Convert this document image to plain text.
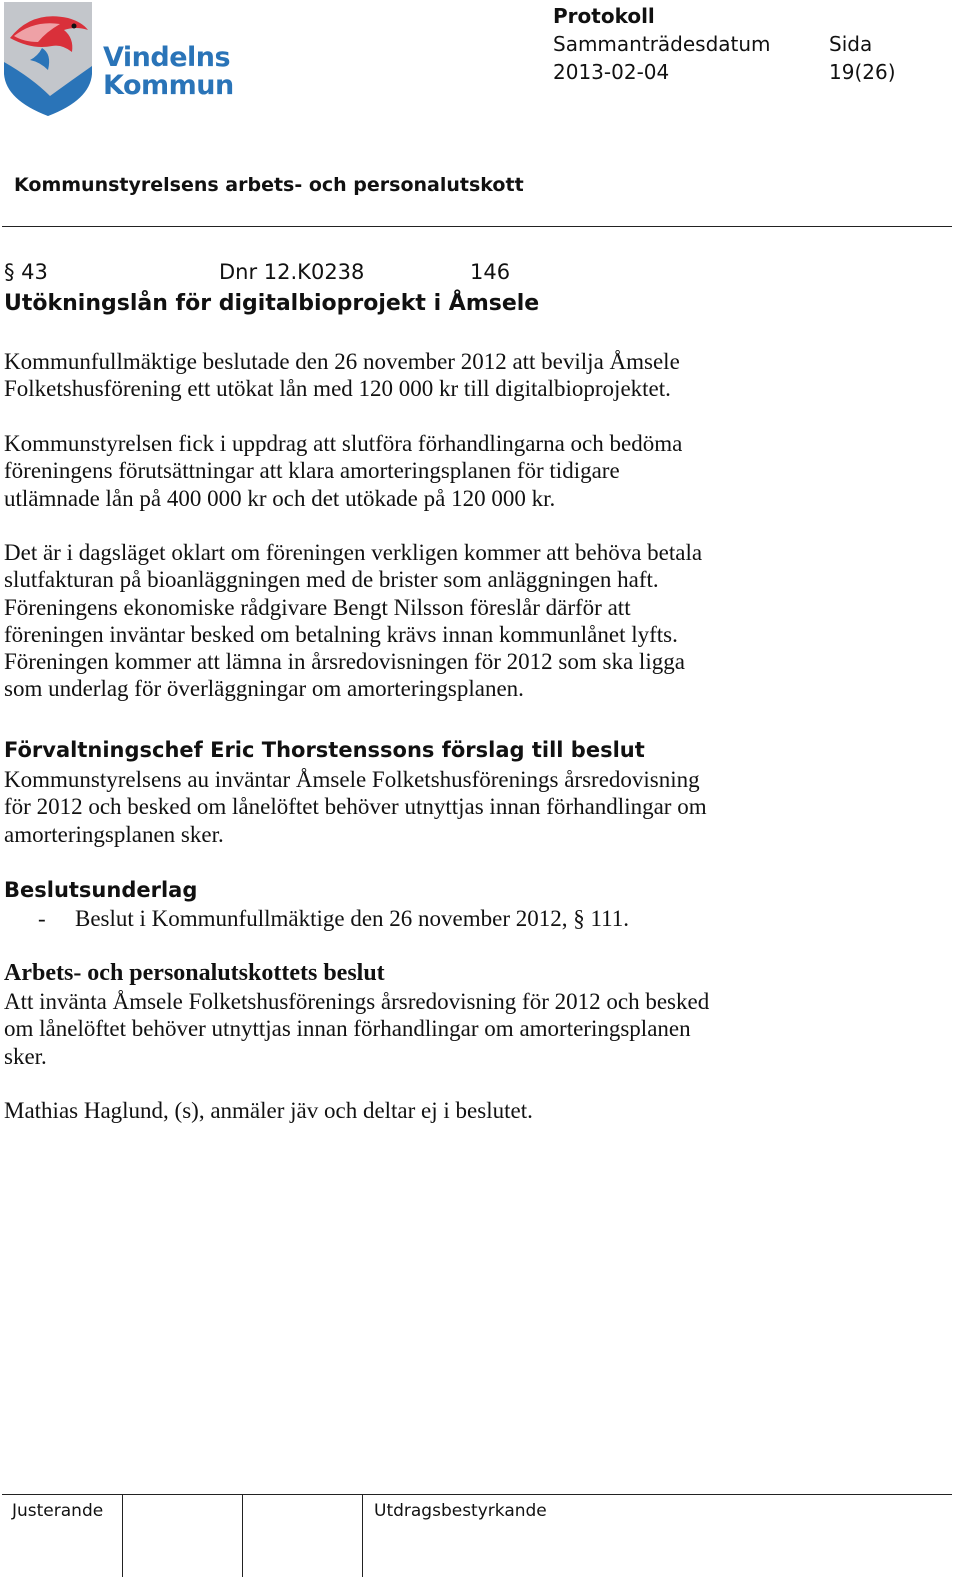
Vindelns
Kommun
Protokoll
Sammanträdesdatum	Sida
2013-02-04	19(26)
Kommunstyrelsens arbets- och personalutskott
§ 43	Dnr 12.K0238	146
Utökningslån för digitalbioprojekt i Åmsele

Kommunfullmäktige beslutade den 26 november 2012 att bevilja Åmsele
Folketshusförening ett utökat lån med 120 000 kr till digitalbioprojektet.

Kommunstyrelsen fick i uppdrag att slutföra förhandlingarna och bedöma
föreningens förutsättningar att klara amorteringsplanen för tidigare
utlämnade lån på 400 000 kr och det utökade på 120 000 kr.

Det är i dagsläget oklart om föreningen verkligen kommer att behöva betala
slutfakturan på bioanläggningen med de brister som anläggningen haft.
Föreningens ekonomiske rådgivare Bengt Nilsson föreslår därför att
föreningen inväntar besked om betalning krävs innan kommunlånet lyfts.
Föreningen kommer att lämna in årsredovisningen för 2012 som ska ligga
som underlag för överläggningar om amorteringsplanen.

Förvaltningschef Eric Thorstenssons förslag till beslut

Kommunstyrelsens au inväntar Åmsele Folketshusförenings årsredovisning
för 2012 och besked om lånelöftet behöver utnyttjas innan förhandlingar om
amorteringsplanen sker.

Beslutsunderlag
- Beslut i Kommunfullmäktige den 26 november 2012, § 111.
Arbets- och personalutskottets beslut

Att invänta Åmsele Folketshusförenings årsredovisning för 2012 och besked
om lånelöftet behöver utnyttjas innan förhandlingar om amorteringsplanen
sker.

Mathias Haglund, (s), anmäler jäv och deltar ej i beslutet.

Justerande	Utdragsbestyrkande
